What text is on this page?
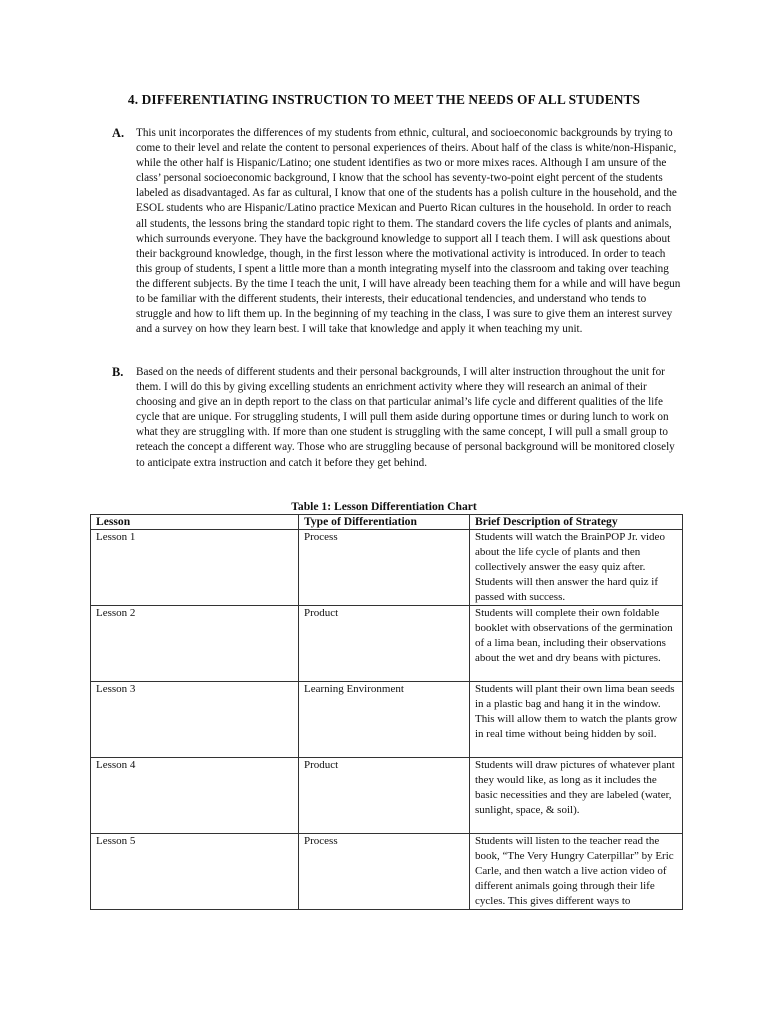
4. DIFFERENTIATING INSTRUCTION TO MEET THE NEEDS OF ALL STUDENTS
A. This unit incorporates the differences of my students from ethnic, cultural, and socioeconomic backgrounds by trying to come to their level and relate the content to personal experiences of theirs. About half of the class is white/non-Hispanic, while the other half is Hispanic/Latino; one student identifies as two or more mixes races. Although I am unsure of the class’ personal socioeconomic background, I know that the school has seventy-two-point eight percent of the students labeled as disadvantaged. As far as cultural, I know that one of the students has a polish culture in the household, and the ESOL students who are Hispanic/Latino practice Mexican and Puerto Rican cultures in the household. In order to reach all students, the lessons bring the standard topic right to them. The standard covers the life cycles of plants and animals, which surrounds everyone. They have the background knowledge to support all I teach them. I will ask questions about their background knowledge, though, in the first lesson where the motivational activity is introduced. In order to teach this group of students, I spent a little more than a month integrating myself into the classroom and taking over teaching the different subjects. By the time I teach the unit, I will have already been teaching them for a while and will have begun to be familiar with the different students, their interests, their educational tendencies, and understand who tends to struggle and how to lift them up. In the beginning of my teaching in the class, I was sure to give them an interest survey and a survey on how they learn best. I will take that knowledge and apply it when teaching my unit.

B. Based on the needs of different students and their personal backgrounds, I will alter instruction throughout the unit for them. I will do this by giving excelling students an enrichment activity where they will research an animal of their choosing and give an in depth report to the class on that particular animal’s life cycle and different qualities of the life cycle that are unique. For struggling students, I will pull them aside during opportune times or during lunch to work on what they are struggling with. If more than one student is struggling with the same concept, I will pull a small group to reteach the concept a different way. Those who are struggling because of personal background will be monitored closely to anticipate extra instruction and catch it before they get behind.

Table 1: Lesson Differentiation Chart
Lesson	Type of Differentiation	Brief Description of Strategy
Lesson 1	Process	Students will watch the BrainPOP Jr. video about the life cycle of plants and then collectively answer the easy quiz after. Students will then answer the hard quiz if passed with success.
Lesson 2	Product	Students will complete their own foldable booklet with observations of the germination of a lima bean, including their observations about the wet and dry beans with pictures.
Lesson 3	Learning Environment	Students will plant their own lima bean seeds in a plastic bag and hang it in the window. This will allow them to watch the plants grow in real time without being hidden by soil.
Lesson 4	Product	Students will draw pictures of whatever plant they would like, as long as it includes the basic necessities and they are labeled (water, sunlight, space, & soil).
Lesson 5	Process	Students will listen to the teacher read the book, “The Very Hungry Caterpillar” by Eric Carle, and then watch a live action video of different animals going through their life cycles. This gives different ways to
